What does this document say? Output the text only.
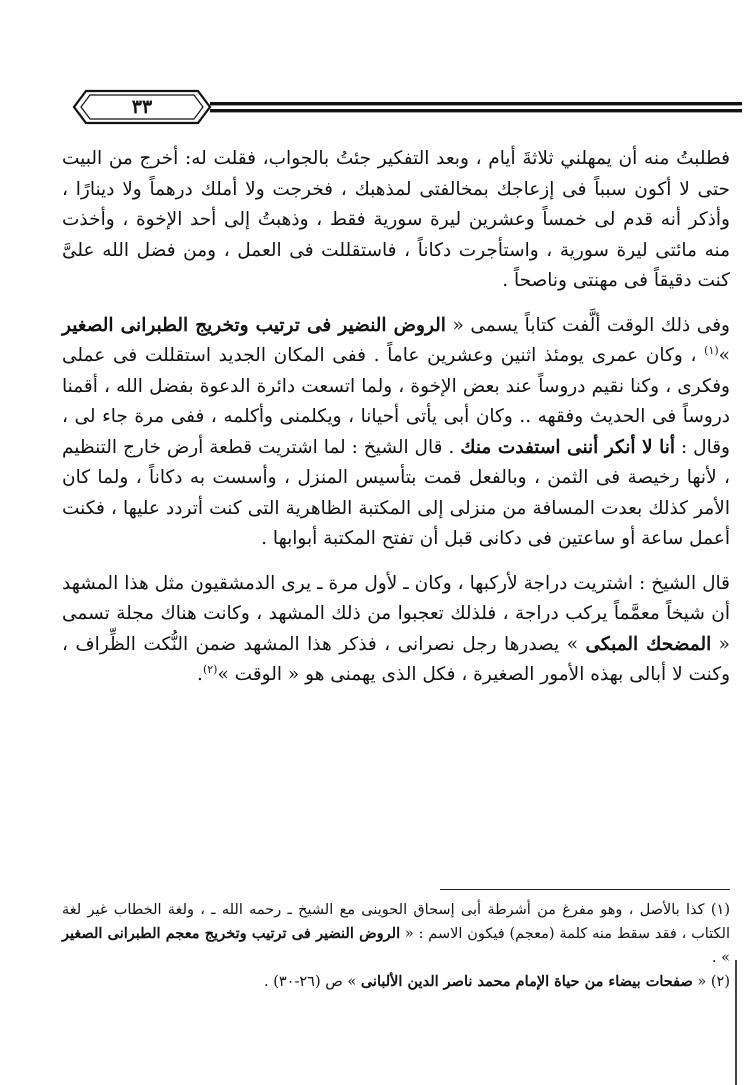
٣٣

فطلبتُ منه أن يمهلني ثلاثةَ أيام ، وبعد التفكير جئتُ بالجواب، فقلت له: أخرج من البيت حتى لا أكون سبباً فى إزعاجك بمخالفتى لمذهبك ، فخرجت ولا أملك درهماً ولا دينارًا ، وأذكر أنه قدم لى خمساً وعشرين ليرة سورية فقط ، وذهبتُ إلى أحد الإخوة ، وأخذت منه مائتى ليرة سورية ، واستأجرت دكاناً ، فاستقللت فى العمل ، ومن فضل الله علىَّ كنت دقيقاً فى مهنتى وناصحاً .

وفى ذلك الوقت ألَّفت كتاباً يسمى « الروض النضير فى ترتيب وتخريج الطبرانى الصغير »$^{(١)}$ ، وكان عمرى يومئذ اثنين وعشرين عاماً . ففى المكان الجديد استقللت فى عملى وفكرى ، وكنا نقيم دروساً عند بعض الإخوة ، ولما اتسعت دائرة الدعوة بفضل الله ، أقمنا دروساً فى الحديث وفقهه .. وكان أبى يأتى أحيانا ، ويكلمنى وأكلمه ، ففى مرة جاء لى ، وقال : أنا لا أنكر أننى استفدت منك . قال الشيخ : لما اشتريت قطعة أرض خارج التنظيم ، لأنها رخيصة فى الثمن ، وبالفعل قمت بتأسيس المنزل ، وأسست به دكاناً ، ولما كان الأمر كذلك بعدت المسافة من منزلى إلى المكتبة الظاهرية التى كنت أتردد عليها ، فكنت أعمل ساعة أو ساعتين فى دكانى قبل أن تفتح المكتبة أبوابها .

قال الشيخ : اشتريت دراجة لأركبها ، وكان ـ لأول مرة ـ يرى الدمشقيون مثل هذا المشهد أن شيخاً معمَّماً يركب دراجة ، فلذلك تعجبوا من ذلك المشهد ، وكانت هناك مجلة تسمى « المضحك المبكى » يصدرها رجل نصرانى ، فذكر هذا المشهد ضمن النُّكت الظِّراف ، وكنت لا أبالى بهذه الأمور الصغيرة ، فكل الذى يهمنى هو « الوقت »$^{(٢)}$.

(١) كذا بالأصل ، وهو مفرغ من أشرطة أبى إسحاق الحوينى مع الشيخ ـ رحمه الله ـ ، ولغة الخطاب غير لغة الكتاب ، فقد سقط منه كلمة (معجم) فيكون الاسم : « الروض النضير فى ترتيب وتخريج معجم الطبرانى الصغير » .

(٢) « صفحات بيضاء من حياة الإمام محمد ناصر الدين الألبانى » ص (٢٦-٣٠) .
